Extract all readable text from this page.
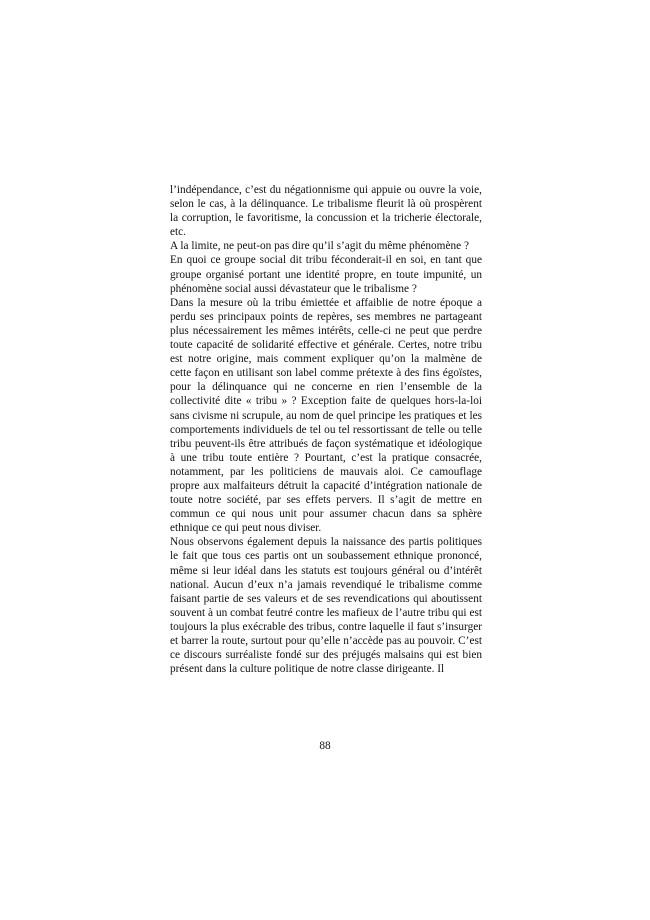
l’indépendance, c’est du négationnisme qui appuie ou ouvre la voie, selon le cas, à la délinquance. Le tribalisme fleurit là où prospèrent la corruption, le favoritisme, la concussion et la tricherie électorale, etc.

A la limite, ne peut-on pas dire qu’il s’agit du même phénomène ?

En quoi ce groupe social dit tribu féconderait-il en soi, en tant que groupe organisé portant une identité propre, en toute impunité, un phénomène social aussi dévastateur que le tribalisme ?

Dans la mesure où la tribu émiettée et affaiblie de notre époque a perdu ses principaux points de repères, ses membres ne partageant plus nécessairement les mêmes intérêts, celle-ci ne peut que perdre toute capacité de solidarité effective et générale. Certes, notre tribu est notre origine, mais comment expliquer qu’on la malmène de cette façon en utilisant son label comme prétexte à des fins égoïstes, pour la délinquance qui ne concerne en rien l’ensemble de la collectivité dite « tribu » ? Exception faite de quelques hors-la-loi sans civisme ni scrupule, au nom de quel principe les pratiques et les comportements individuels de tel ou tel ressortissant de telle ou telle tribu peuvent-ils être attribués de façon systématique et idéologique à une tribu toute entière ? Pourtant, c’est la pratique consacrée, notamment, par les politiciens de mauvais aloi. Ce camouflage propre aux malfaiteurs détruit la capacité d’intégration nationale de toute notre société, par ses effets pervers. Il s’agit de mettre en commun ce qui nous unit pour assumer chacun dans sa sphère ethnique ce qui peut nous diviser.

Nous observons également depuis la naissance des partis politiques le fait que tous ces partis ont un soubassement ethnique prononcé, même si leur idéal dans les statuts est toujours général ou d’intérêt national. Aucun d’eux n’a jamais revendiqué le tribalisme comme faisant partie de ses valeurs et de ses revendications qui aboutissent souvent à un combat feutré contre les mafieux de l’autre tribu qui est toujours la plus exécrable des tribus, contre laquelle il faut s’insurger et barrer la route, surtout pour qu’elle n’accède pas au pouvoir. C’est ce discours surréaliste fondé sur des préjugés malsains qui est bien présent dans la culture politique de notre classe dirigeante. Il

88
